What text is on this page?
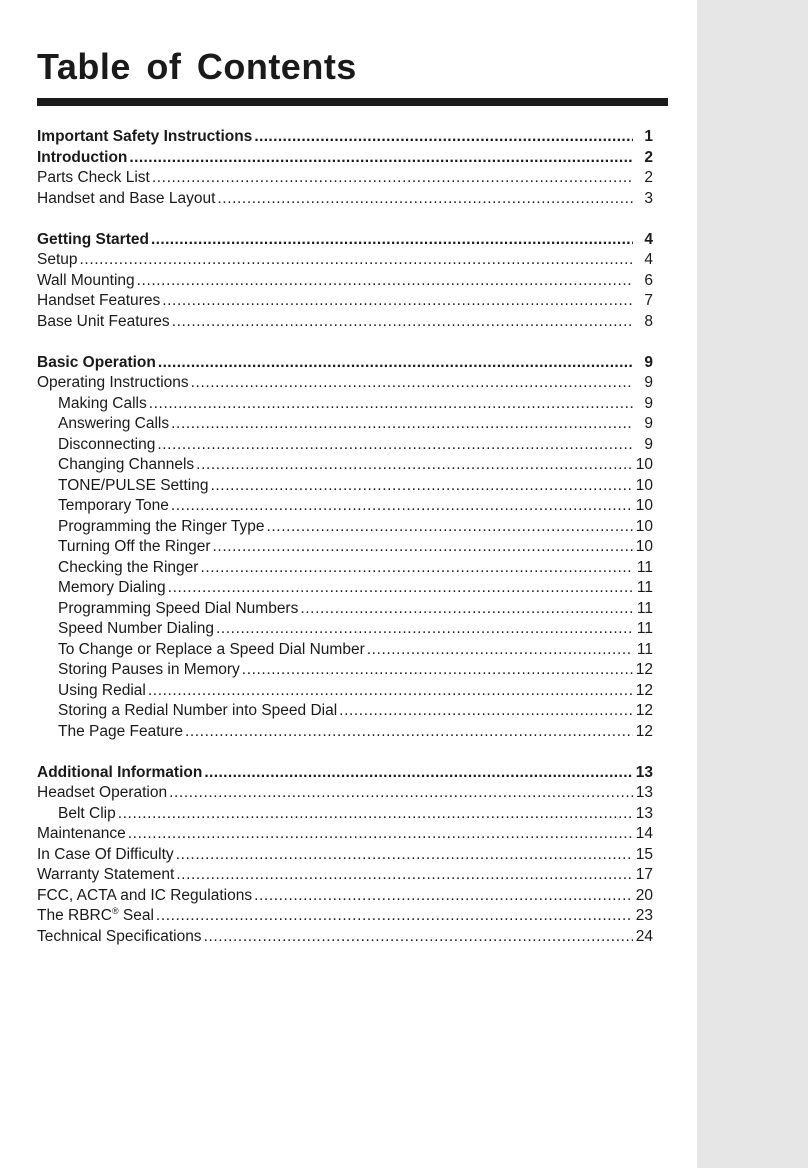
Table of Contents
Important Safety Instructions .....	1
Introduction .....	2
Parts Check List .....	2
Handset and Base Layout .....	3
Getting Started .....	4
Setup .....	4
Wall Mounting .....	6
Handset Features .....	7
Base Unit Features .....	8
Basic Operation .....	9
Operating Instructions .....	9
Making Calls .....	9
Answering Calls .....	9
Disconnecting .....	9
Changing Channels .....	10
TONE/PULSE Setting .....	10
Temporary Tone .....	10
Programming the Ringer Type .....	10
Turning Off the Ringer .....	10
Checking the Ringer .....	11
Memory Dialing .....	11
Programming Speed Dial Numbers .....	11
Speed Number Dialing .....	11
To Change or Replace a Speed Dial Number .....	11
Storing Pauses in Memory .....	12
Using Redial .....	12
Storing a Redial Number into Speed Dial .....	12
The Page Feature .....	12
Additional Information .....	13
Headset Operation .....	13
Belt Clip .....	13
Maintenance .....	14
In Case Of Difficulty .....	15
Warranty Statement .....	17
FCC, ACTA and IC Regulations .....	20
The RBRC® Seal .....	23
Technical Specifications .....	24
